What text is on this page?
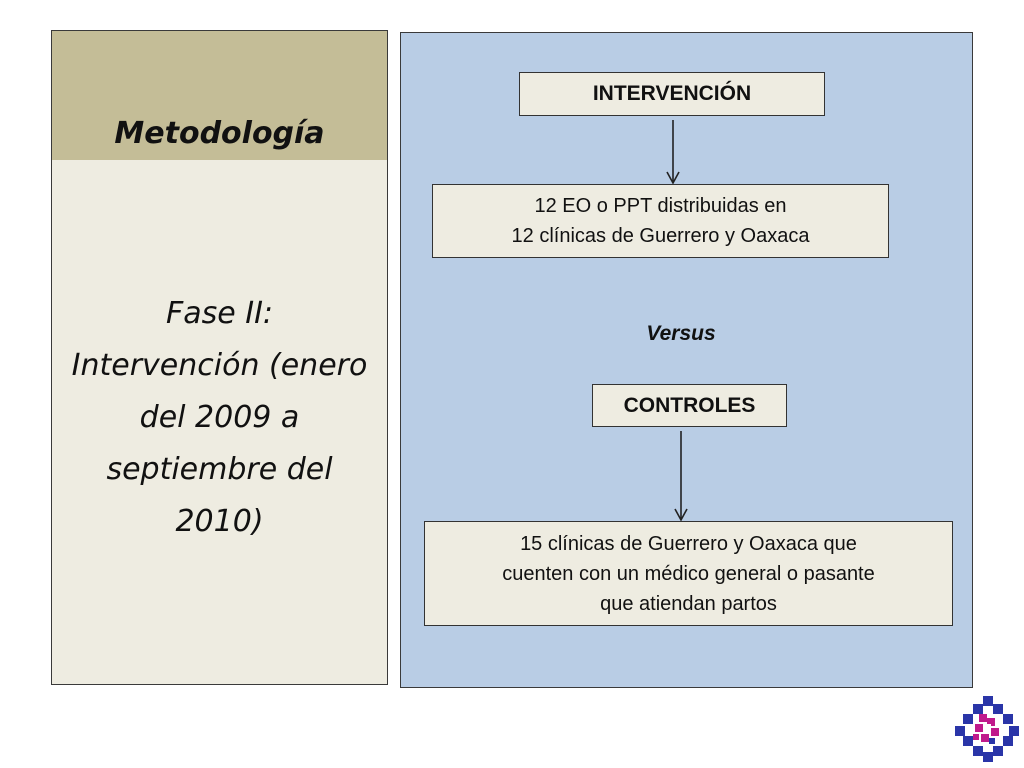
Metodología
Fase II:
Intervención (enero
del 2009 a
septiembre del
2010)
INTERVENCIÓN
12 EO o PPT distribuidas en
12 clínicas de Guerrero y Oaxaca
Versus
CONTROLES
15 clínicas de Guerrero y Oaxaca que
cuenten con un médico general o pasante
que atiendan partos
